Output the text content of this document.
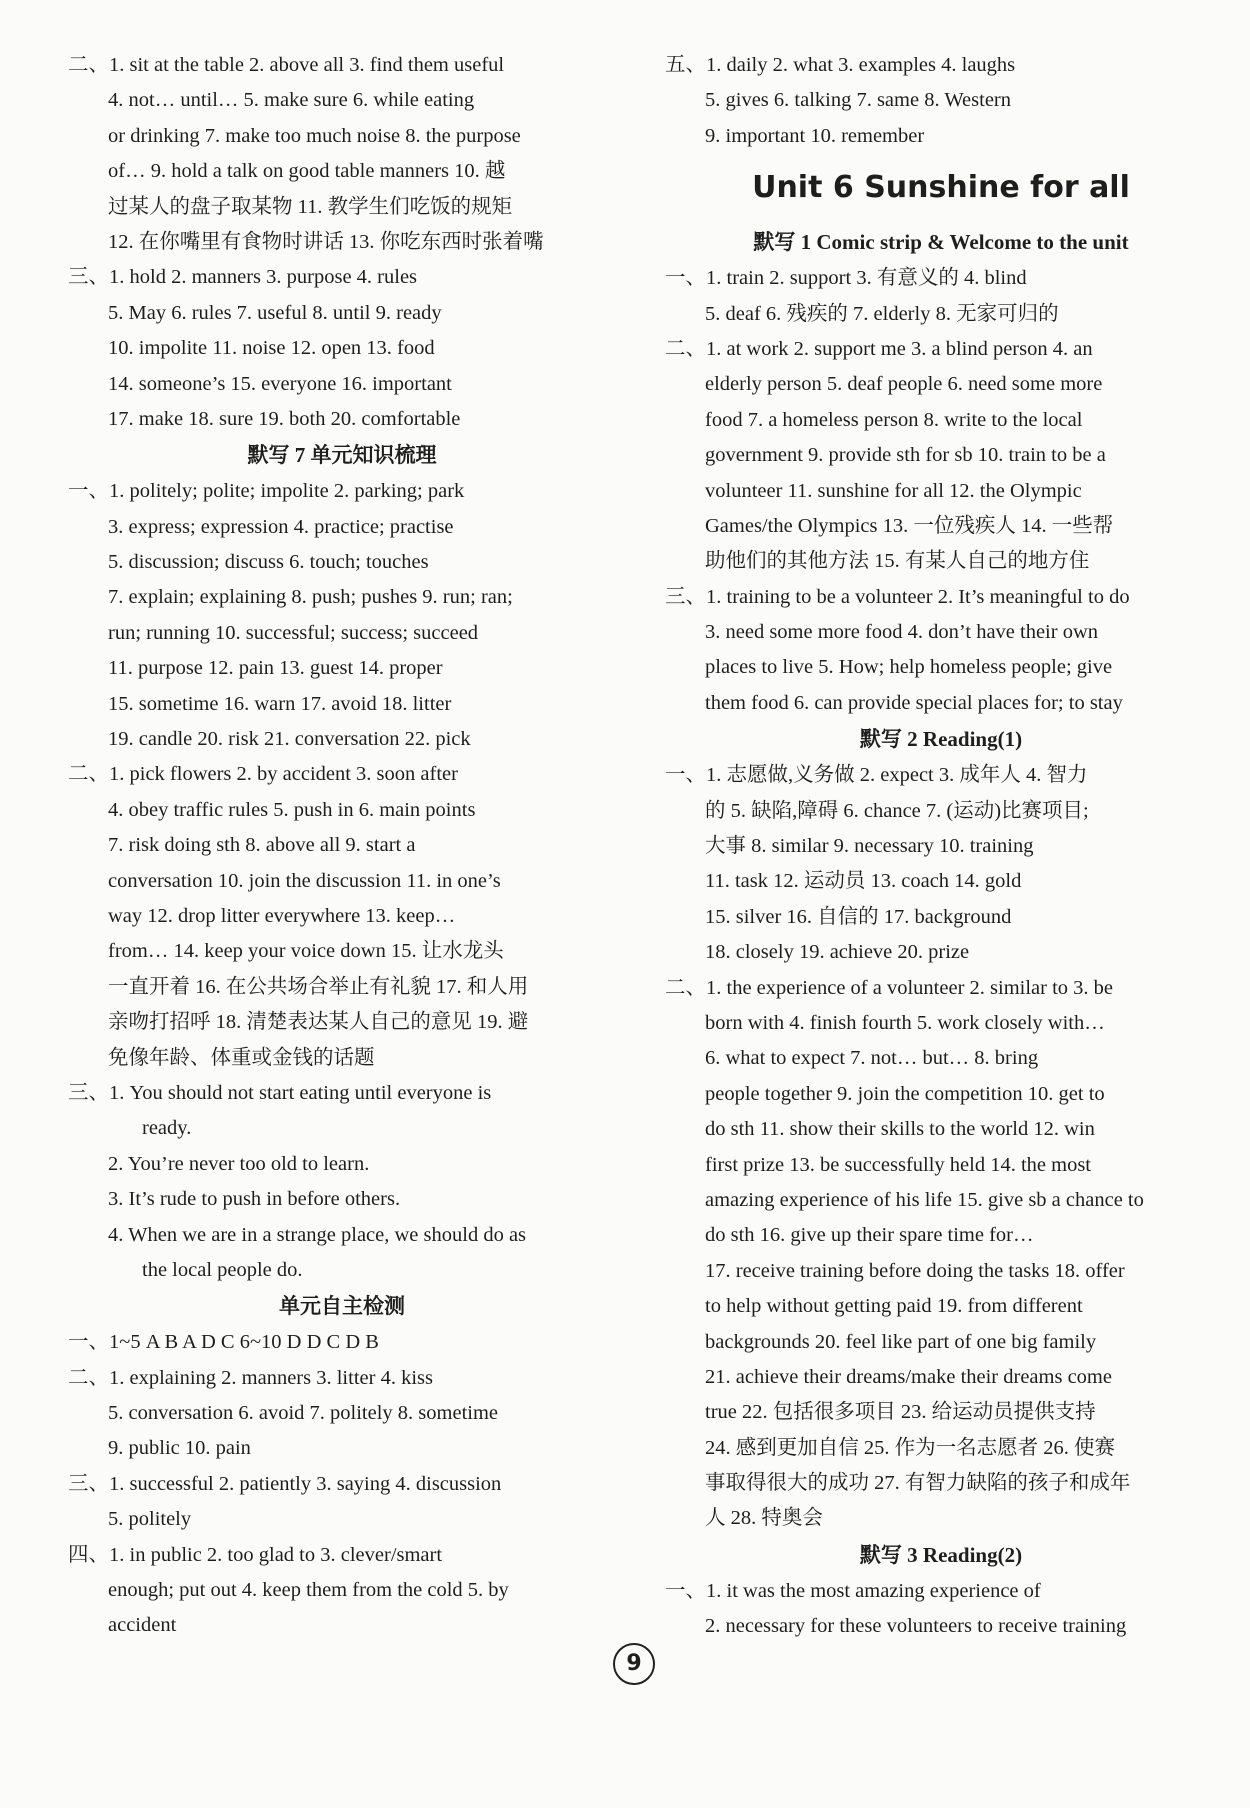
二、1. sit at the table 2. above all 3. find them useful
4. not… until… 5. make sure 6. while eating
or drinking 7. make too much noise 8. the purpose
of… 9. hold a talk on good table manners 10. 越
过某人的盘子取某物 11. 教学生们吃饭的规矩
12. 在你嘴里有食物时讲话 13. 你吃东西时张着嘴
三、1. hold 2. manners 3. purpose 4. rules
5. May 6. rules 7. useful 8. until 9. ready
10. impolite 11. noise 12. open 13. food
14. someone’s 15. everyone 16. important
17. make 18. sure 19. both 20. comfortable
默写 7 单元知识梳理
一、1. politely; polite; impolite 2. parking; park
3. express; expression 4. practice; practise
5. discussion; discuss 6. touch; touches
7. explain; explaining 8. push; pushes 9. run; ran;
run; running 10. successful; success; succeed
11. purpose 12. pain 13. guest 14. proper
15. sometime 16. warn 17. avoid 18. litter
19. candle 20. risk 21. conversation 22. pick
二、1. pick flowers 2. by accident 3. soon after
4. obey traffic rules 5. push in 6. main points
7. risk doing sth 8. above all 9. start a
conversation 10. join the discussion 11. in one’s
way 12. drop litter everywhere 13. keep…
from… 14. keep your voice down 15. 让水龙头
一直开着 16. 在公共场合举止有礼貌 17. 和人用
亲吻打招呼 18. 清楚表达某人自己的意见 19. 避
免像年龄、体重或金钱的话题
三、1. You should not start eating until everyone is
ready.
2. You’re never too old to learn.
3. It’s rude to push in before others.
4. When we are in a strange place, we should do as
the local people do.
单元自主检测
一、1~5 A B A D C 6~10 D D C D B
二、1. explaining 2. manners 3. litter 4. kiss
5. conversation 6. avoid 7. politely 8. sometime
9. public 10. pain
三、1. successful 2. patiently 3. saying 4. discussion
5. politely
四、1. in public 2. too glad to 3. clever/smart
enough; put out 4. keep them from the cold 5. by
accident
五、1. daily 2. what 3. examples 4. laughs
5. gives 6. talking 7. same 8. Western
9. important 10. remember
Unit 6 Sunshine for all
默写 1 Comic strip & Welcome to the unit
一、1. train 2. support 3. 有意义的 4. blind
5. deaf 6. 残疾的 7. elderly 8. 无家可归的
二、1. at work 2. support me 3. a blind person 4. an
elderly person 5. deaf people 6. need some more
food 7. a homeless person 8. write to the local
government 9. provide sth for sb 10. train to be a
volunteer 11. sunshine for all 12. the Olympic
Games/the Olympics 13. 一位残疾人 14. 一些帮
助他们的其他方法 15. 有某人自己的地方住
三、1. training to be a volunteer 2. It’s meaningful to do
3. need some more food 4. don’t have their own
places to live 5. How; help homeless people; give
them food 6. can provide special places for; to stay
默写 2 Reading(1)
一、1. 志愿做,义务做 2. expect 3. 成年人 4. 智力
的 5. 缺陷,障碍 6. chance 7. (运动)比赛项目;
大事 8. similar 9. necessary 10. training
11. task 12. 运动员 13. coach 14. gold
15. silver 16. 自信的 17. background
18. closely 19. achieve 20. prize
二、1. the experience of a volunteer 2. similar to 3. be
born with 4. finish fourth 5. work closely with…
6. what to expect 7. not… but… 8. bring
people together 9. join the competition 10. get to
do sth 11. show their skills to the world 12. win
first prize 13. be successfully held 14. the most
amazing experience of his life 15. give sb a chance to
do sth 16. give up their spare time for…
17. receive training before doing the tasks 18. offer
to help without getting paid 19. from different
backgrounds 20. feel like part of one big family
21. achieve their dreams/make their dreams come
true 22. 包括很多项目 23. 给运动员提供支持
24. 感到更加自信 25. 作为一名志愿者 26. 使赛
事取得很大的成功 27. 有智力缺陷的孩子和成年
人 28. 特奥会
默写 3 Reading(2)
一、1. it was the most amazing experience of
2. necessary for these volunteers to receive training
9
